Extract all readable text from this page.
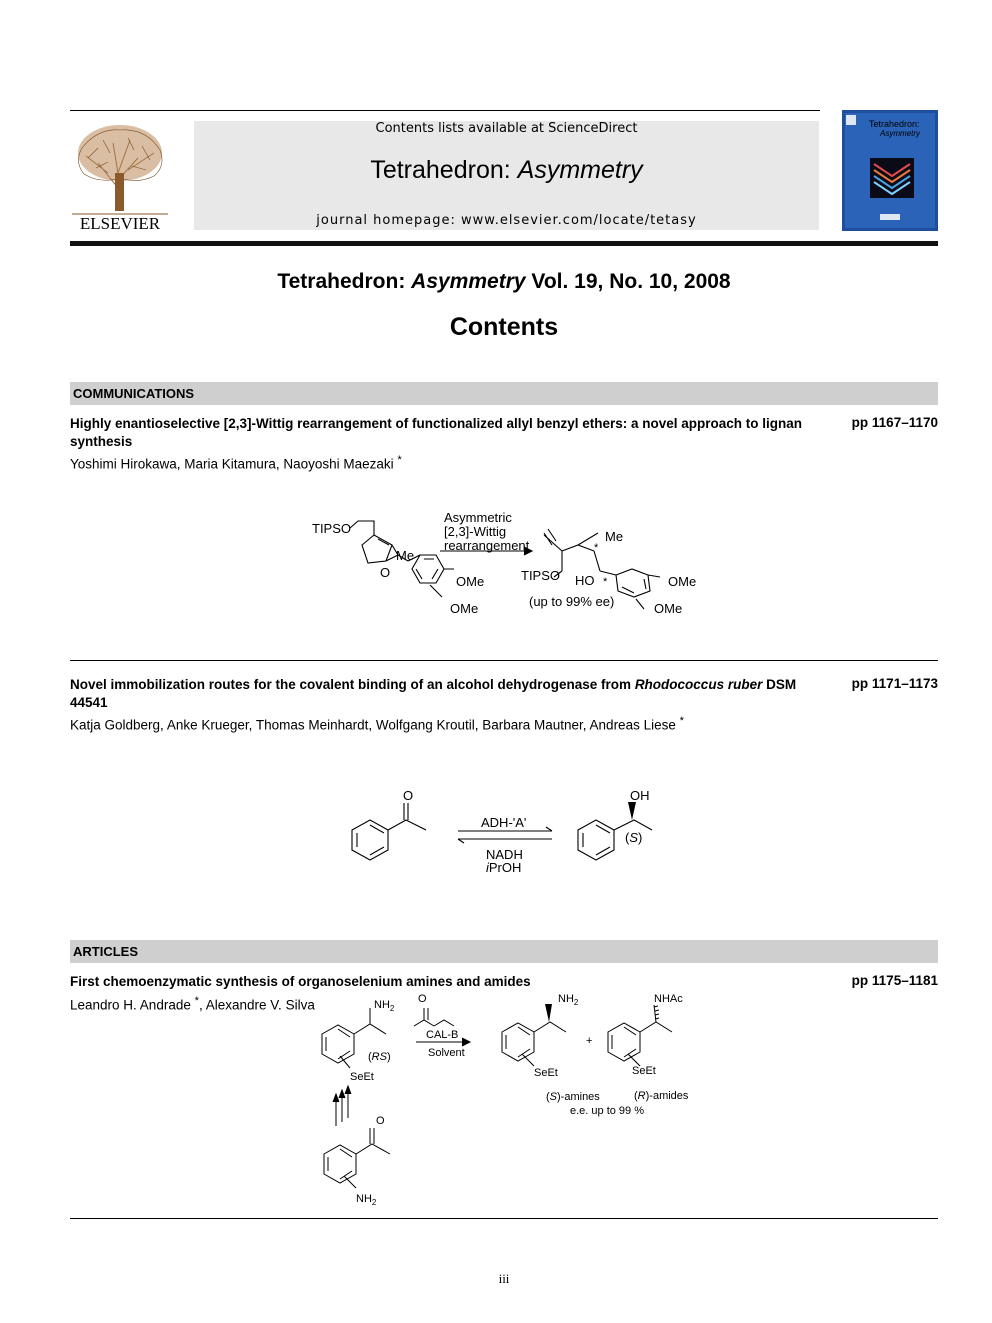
ELSEVIER
Contents lists available at ScienceDirect
Tetrahedron: Asymmetry
journal homepage: www.elsevier.com/locate/tetasy
Tetrahedron:
Asymmetry
Tetrahedron: Asymmetry Vol. 19, No. 10, 2008
Contents
COMMUNICATIONS
Highly enantioselective [2,3]-Wittig rearrangement of functionalized allyl benzyl ethers: a novel approach to lignan synthesis
pp 1167–1170
Yoshimi Hirokawa, Maria Kitamura, Naoyoshi Maezaki *
TIPSO
Me
O
OMe
OMe
Asymmetric
[2,3]-Wittig
rearrangement
Me
*
TIPSO HO *	OMe
OMe
(up to 99% ee)
Novel immobilization routes for the covalent binding of an alcohol dehydrogenase from Rhodococcus ruber DSM 44541
pp 1171–1173
Katja Goldberg, Anke Krueger, Thomas Meinhardt, Wolfgang Kroutil, Barbara Mautner, Andreas Liese *
O
ADH-'A'
NADH
iPrOH
OH
(S)
ARTICLES
First chemoenzymatic synthesis of organoselenium amines and amides	pp 1175–1181
Leandro H. Andrade *, Alexandre V. Silva	$NH_2$
(RS)
SeEt
O
CAL-B
Solvent
$NH_2$
SeEt
+
NHAc
SeEt
(S)-amines	(R)-amides
e.e. up to 99 %
O
$NH_2$
iii
